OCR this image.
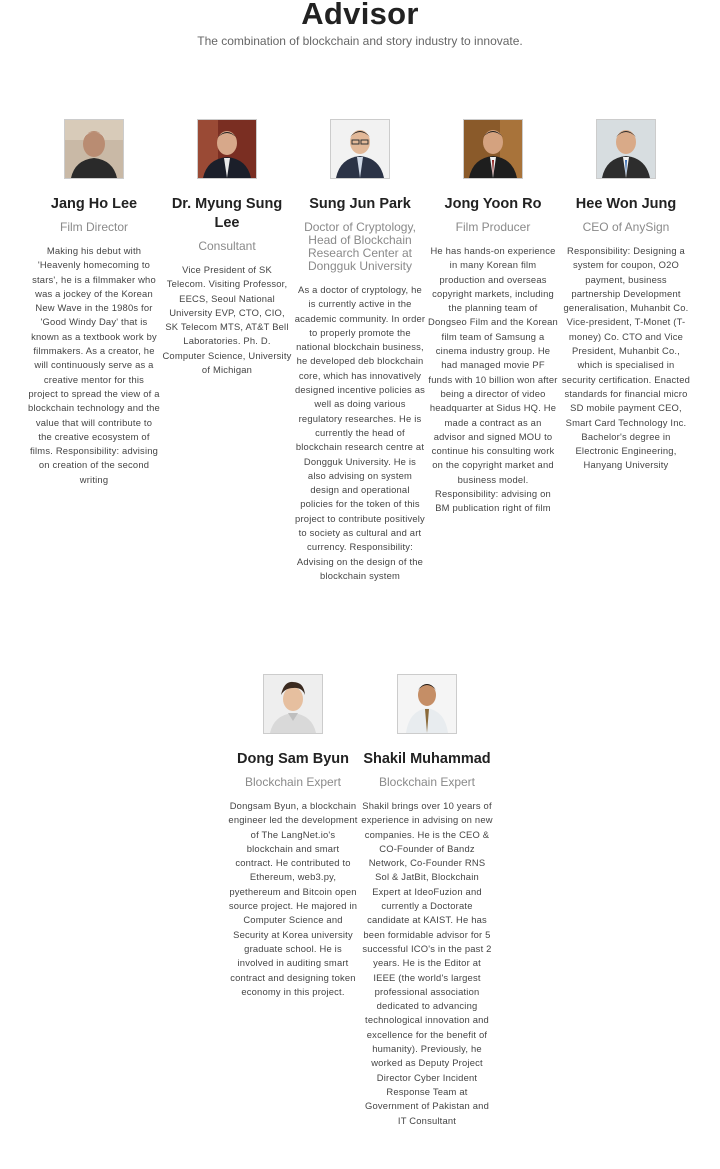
Advisor

The combination of blockchain and story industry to innovate.

Jang Ho Lee
Film Director
Making his debut with 'Heavenly homecoming to stars', he is a filmmaker who was a jockey of the Korean New Wave in the 1980s for 'Good Windy Day' that is known as a textbook work by filmmakers. As a creator, he will continuously serve as a creative mentor for this project to spread the view of a blockchain technology and the value that will contribute to the creative ecosystem of films. Responsibility: advising on creation of the second writing
Dr. Myung Sung Lee
Consultant
Vice President of SK Telecom. Visiting Professor, EECS, Seoul National University EVP, CTO, CIO, SK Telecom MTS, AT&T Bell Laboratories. Ph. D. Computer Science, University of Michigan
Sung Jun Park
Doctor of Cryptology, Head of Blockchain Research Center at Dongguk University
As a doctor of cryptology, he is currently active in the academic community. In order to properly promote the national blockchain business, he developed deb blockchain core, which has innovatively designed incentive policies as well as doing various regulatory researches. He is currently the head of blockchain research centre at Dongguk University. He is also advising on system design and operational policies for the token of this project to contribute positively to society as cultural and art currency. Responsibility: Advising on the design of the blockchain system
Jong Yoon Ro
Film Producer
He has hands-on experience in many Korean film production and overseas copyright markets, including the planning team of Dongseo Film and the Korean film team of Samsung a cinema industry group. He had managed movie PF funds with 10 billion won after being a director of video headquarter at Sidus HQ. He made a contract as an advisor and signed MOU to continue his consulting work on the copyright market and business model. Responsibility: advising on BM publication right of film
Hee Won Jung
CEO of AnySign
Responsibility: Designing a system for coupon, O2O payment, business partnership Development generalisation, Muhanbit Co. Vice-president, T-Monet (T-money) Co. CTO and Vice President, Muhanbit Co., which is specialised in security certification. Enacted standards for financial micro SD mobile payment CEO, Smart Card Technology Inc. Bachelor's degree in Electronic Engineering, Hanyang University
Dong Sam Byun
Blockchain Expert
Dongsam Byun, a blockchain engineer led the development of The LangNet.io's blockchain and smart contract. He contributed to Ethereum, web3.py, pyethereum and Bitcoin open source project. He majored in Computer Science and Security at Korea university graduate school. He is involved in auditing smart contract and designing token economy in this project.
Shakil Muhammad
Blockchain Expert
Shakil brings over 10 years of experience in advising on new companies. He is the CEO & CO-Founder of Bandz Network, Co-Founder RNS Sol & JatBit, Blockchain Expert at IdeoFuzion and currently a Doctorate candidate at KAIST. He has been formidable advisor for 5 successful ICO's in the past 2 years. He is the Editor at IEEE (the world's largest professional association dedicated to advancing technological innovation and excellence for the benefit of humanity). Previously, he worked as Deputy Project Director Cyber Incident Response Team at Government of Pakistan and IT Consultant
